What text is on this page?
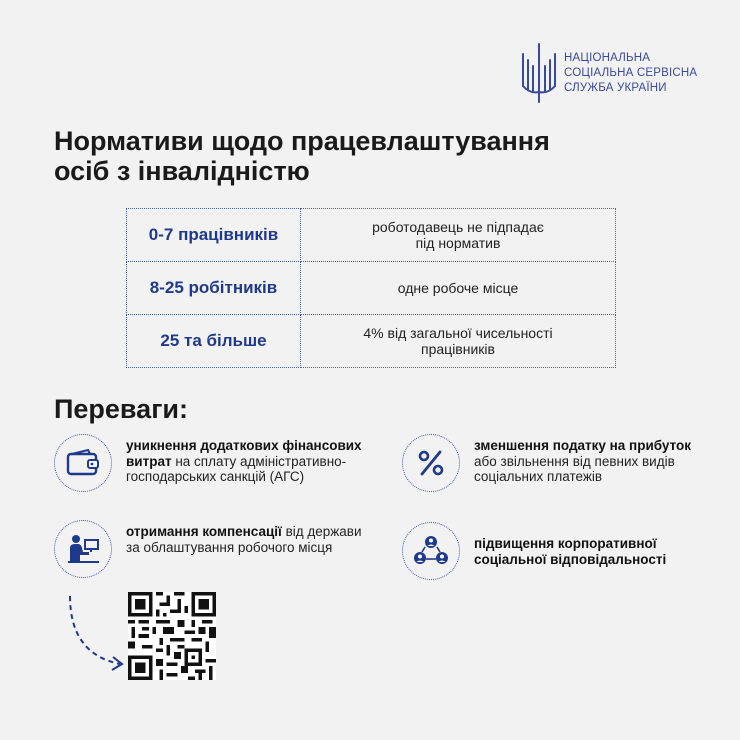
НАЦІОНАЛЬНА
СОЦІАЛЬНА СЕРВІСНА
СЛУЖБА УКРАЇНИ
Нормативи щодо працевлаштування
осіб з інвалідністю
0-7 працівників	роботодавець не підпадає
під норматив

8-25 робітників	одне робоче місце

25 та більше	4% від загальної чисельності
працівників
Переваги:
уникнення додаткових фінансових витрат на сплату адміністративно-господарських санкцій (АГС)
зменшення податку на прибуток або звільнення від певних видів соціальних платежів
отримання компенсації від держави за облаштування робочого місця	підвищення корпоративної соціальної відповідальності
